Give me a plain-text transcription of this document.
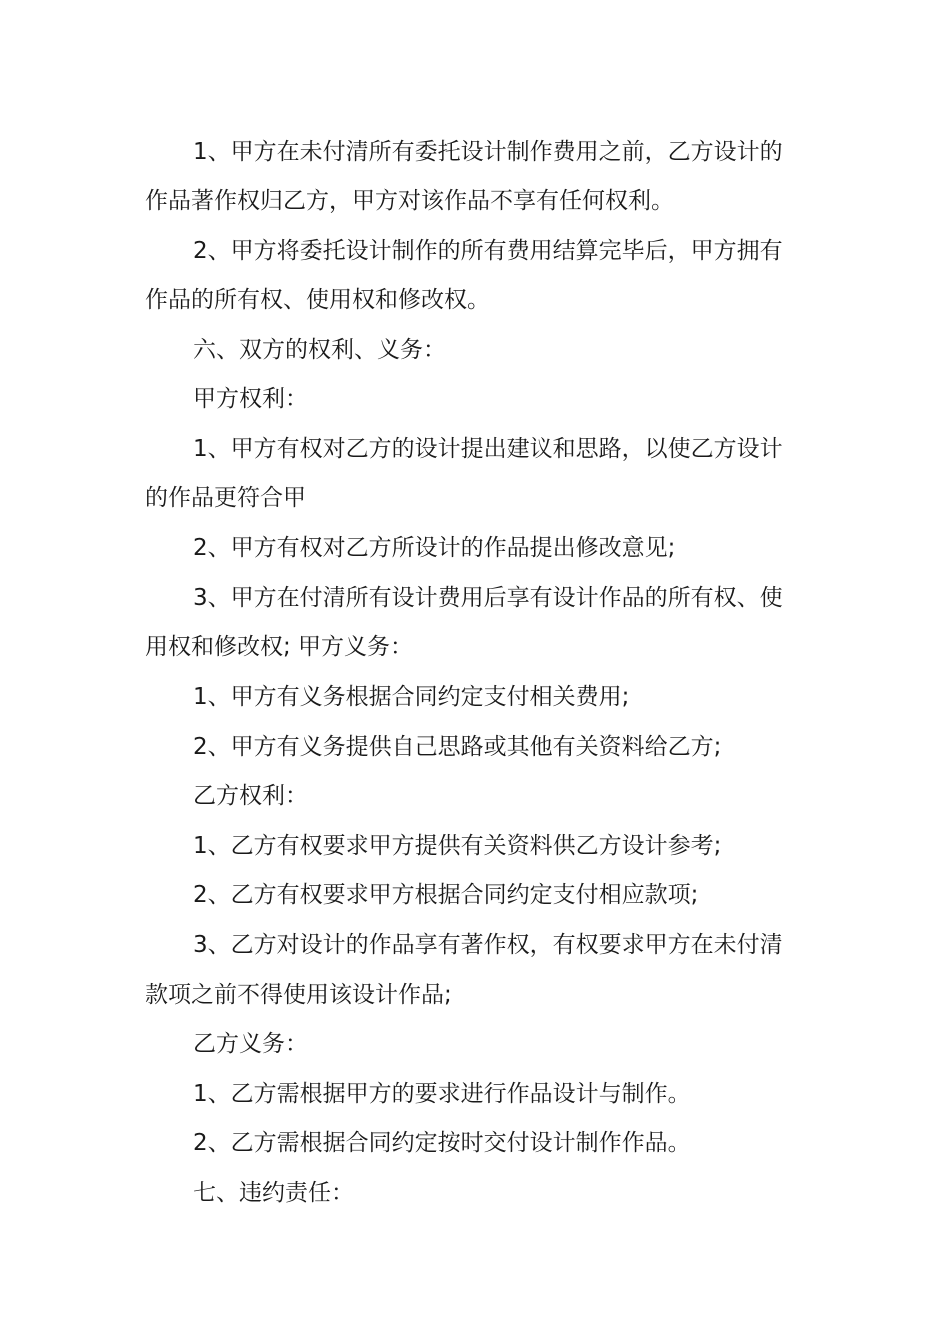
1、甲方在未付清所有委托设计制作费用之前，乙方设计的
作品著作权归乙方，甲方对该作品不享有任何权利。
2、甲方将委托设计制作的所有费用结算完毕后，甲方拥有
作品的所有权、使用权和修改权。
六、双方的权利、义务：
甲方权利：
1、甲方有权对乙方的设计提出建议和思路，以使乙方设计
的作品更符合甲
2、甲方有权对乙方所设计的作品提出修改意见;
3、甲方在付清所有设计费用后享有设计作品的所有权、使
用权和修改权; 甲方义务：
1、甲方有义务根据合同约定支付相关费用;
2、甲方有义务提供自己思路或其他有关资料给乙方;
乙方权利：
1、乙方有权要求甲方提供有关资料供乙方设计参考;
2、乙方有权要求甲方根据合同约定支付相应款项;
3、乙方对设计的作品享有著作权，有权要求甲方在未付清
款项之前不得使用该设计作品;
乙方义务：
1、乙方需根据甲方的要求进行作品设计与制作。
2、乙方需根据合同约定按时交付设计制作作品。
七、违约责任：
